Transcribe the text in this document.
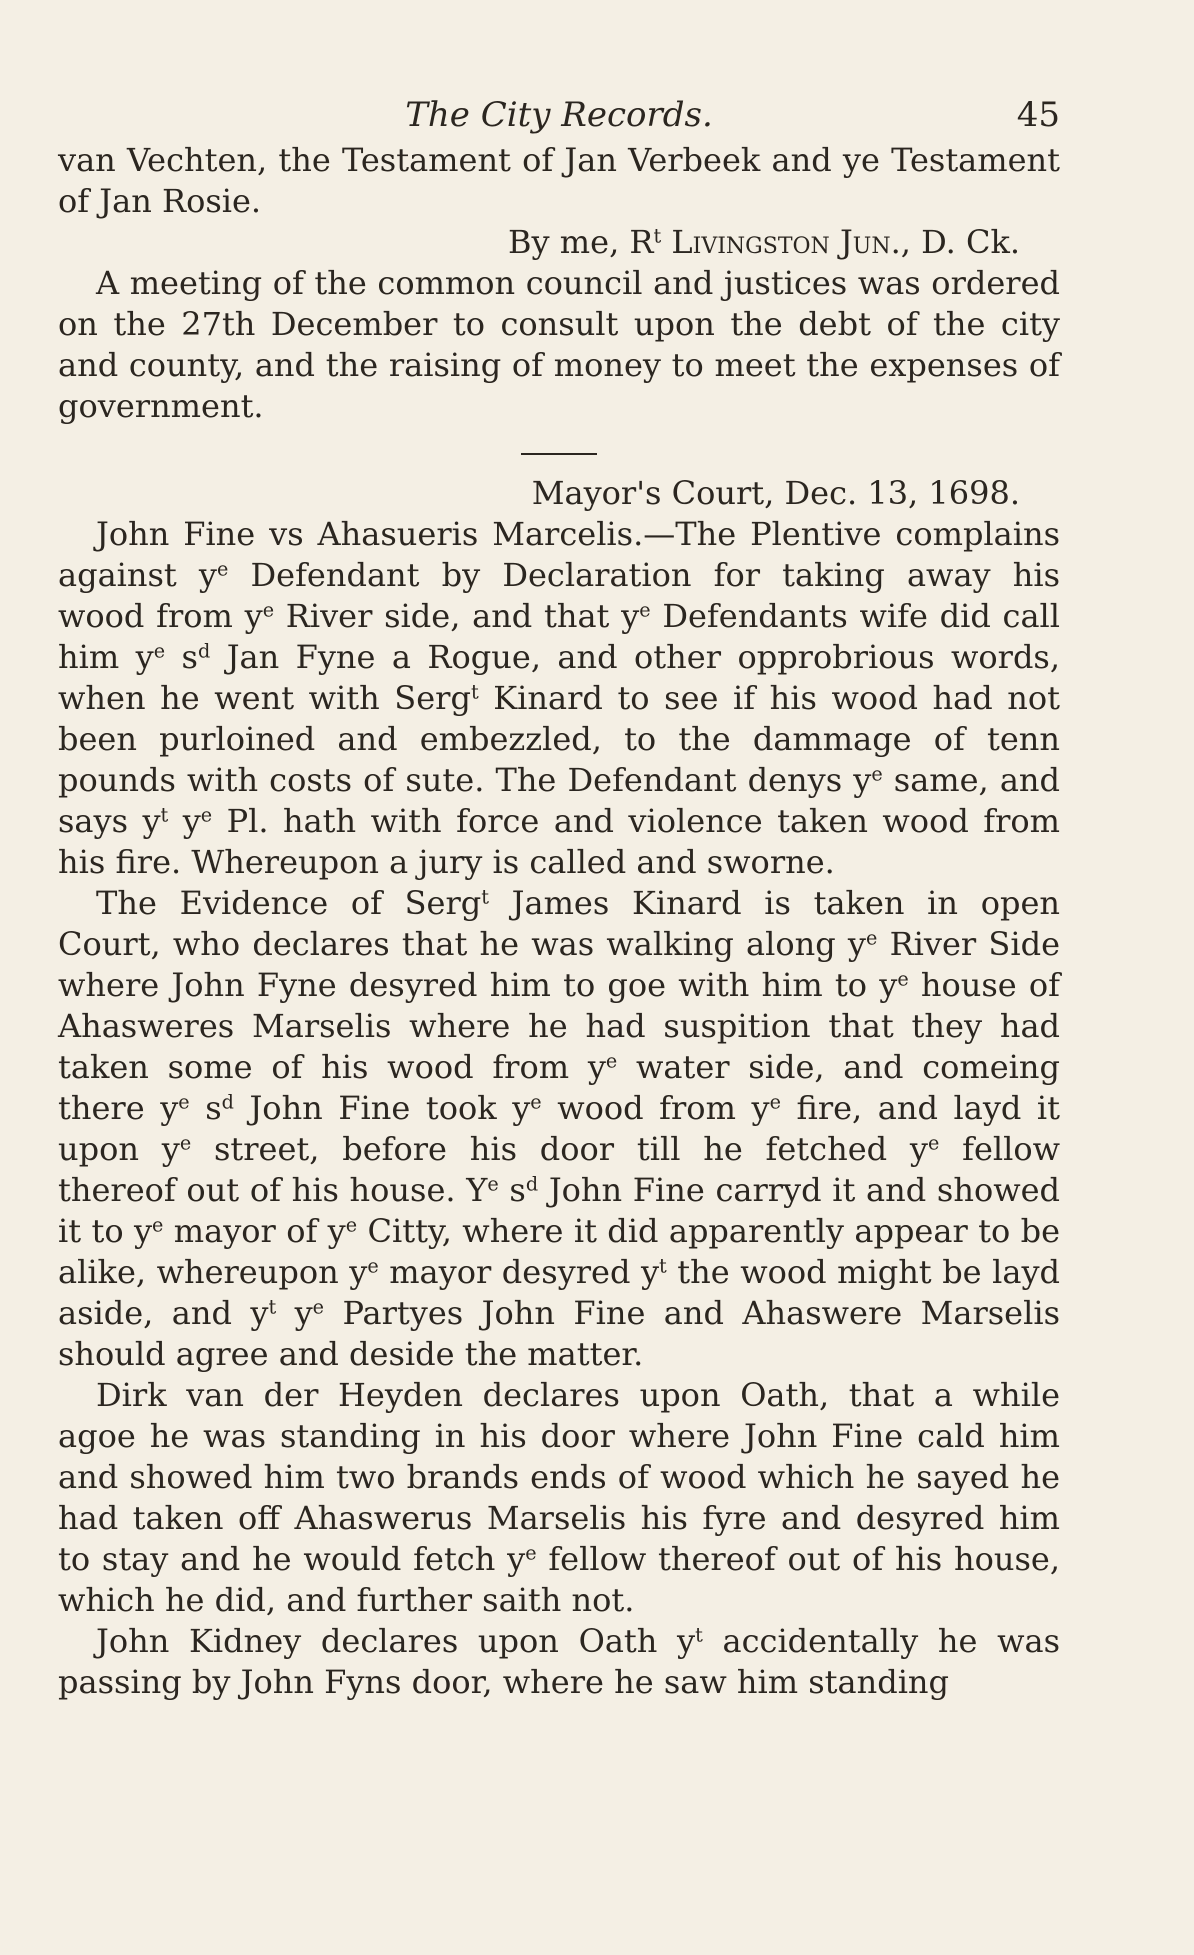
The City Records.	45

van Vechten, the Testament of Jan Verbeek and ye Testament of Jan Rosie.

By me, $R^t$ Livingston Jun., D. Ck.

A meeting of the common council and justices was ordered on the 27th December to consult upon the debt of the city and county, and the raising of money to meet the expenses of government.

Mayor's Court, Dec. 13, 1698.

John Fine vs Ahasueris Marcelis.—The Plentive complains against $y^e$ Defendant by Declaration for taking away his wood from $y^e$ River side, and that $y^e$ Defendants wife did call him $y^e$ $s^d$ Jan Fyne a Rogue, and other opprobrious words, when he went with Serg$^t$ Kinard to see if his wood had not been purloined and embezzled, to the dammage of tenn pounds with costs of sute. The Defendant denys $y^e$ same, and says $y^t$ $y^e$ Pl. hath with force and violence taken wood from his fire. Whereupon a jury is called and sworne.

The Evidence of Serg$^t$ James Kinard is taken in open Court, who declares that he was walking along $y^e$ River Side where John Fyne desyred him to goe with him to $y^e$ house of Ahasweres Marselis where he had suspition that they had taken some of his wood from $y^e$ water side, and comeing there $y^e$ $s^d$ John Fine took $y^e$ wood from $y^e$ fire, and layd it upon $y^e$ street, before his door till he fetched $y^e$ fellow thereof out of his house. $Y^e$ $s^d$ John Fine carryd it and showed it to $y^e$ mayor of $y^e$ Citty, where it did apparently appear to be alike, whereupon $y^e$ mayor desyred $y^t$ the wood might be layd aside, and $y^t$ $y^e$ Partyes John Fine and Ahaswere Marselis should agree and deside the matter.

Dirk van der Heyden declares upon Oath, that a while agoe he was standing in his door where John Fine cald him and showed him two brands ends of wood which he sayed he had taken off Ahaswerus Marselis his fyre and desyred him to stay and he would fetch $y^e$ fellow thereof out of his house, which he did, and further saith not.

John Kidney declares upon Oath $y^t$ accidentally he was passing by John Fyns door, where he saw him standing
